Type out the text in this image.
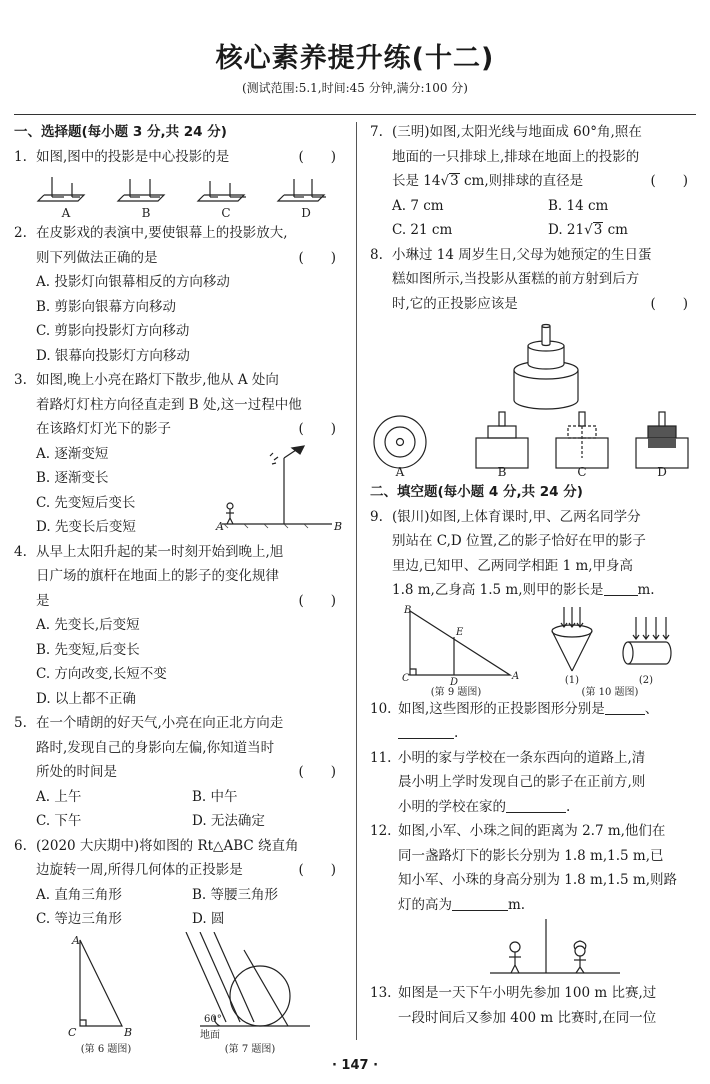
核心素养提升练(十二)
(测试范围:5.1,时间:45 分钟,满分:100 分)
一、选择题(每小题 3 分,共 24 分)
1. 如图,图中的投影是中心投影的是	(　　)
A	B	C	D
2. 在皮影戏的表演中,要使银幕上的投影放大,
则下列做法正确的是	(　　)
A. 投影灯向银幕相反的方向移动
B. 剪影向银幕方向移动
C. 剪影向投影灯方向移动
D. 银幕向投影灯方向移动
3. 如图,晚上小亮在路灯下散步,他从 A 处向
着路灯灯柱方向径直走到 B 处,这一过程中他
在该路灯灯光下的影子	(　　)
A. 逐渐变短
B. 逐渐变长
C. 先变短后变长
D. 先变长后变短	A	B
4. 从早上太阳升起的某一时刻开始到晚上,旭
日广场的旗杆在地面上的影子的变化规律
是	(　　)
A. 先变长,后变短
B. 先变短,后变长
C. 方向改变,长短不变
D. 以上都不正确
5. 在一个晴朗的好天气,小亮在向正北方向走
路时,发现自己的身影向左偏,你知道当时
所处的时间是	(　　)
A. 上午	B. 中午
C. 下午	D. 无法确定
6. (2020 大庆期中)将如图的 Rt△ABC 绕直角
边旋转一周,所得几何体的正投影是	(　　)
A. 直角三角形	B. 等腰三角形
C. 等边三角形	D. 圆
A
B
C
(第 6 题图)
60°
地面
(第 7 题图)
7. (三明)如图,太阳光线与地面成 60°角,照在
地面的一只排球上,排球在地面上的投影的
长是 14√3 cm,则排球的直径是	(　　)
A. 7 cm	B. 14 cm
C. 21 cm	D. 21√3 cm
8. 小琳过 14 周岁生日,父母为她预定的生日蛋
糕如图所示,当投影从蛋糕的前方射到后方
时,它的正投影应该是	(　　)
A	B	C	D
二、填空题(每小题 4 分,共 24 分)
9. (银川)如图,上体育课时,甲、乙两名同学分
别站在 C,D 位置,乙的影子恰好在甲的影子
里边,已知甲、乙两同学相距 1 m,甲身高
1.8 m,乙身高 1.5 m,则甲的影长是	m.
B
E
C	D
A
(第 9 题图)
(1)	(2)
(第 10 题图)
10. 如图,这些图形的正投影图形分别是	、
.
11. 小明的家与学校在一条东西向的道路上,清
晨小明上学时发现自己的影子在正前方,则
小明的学校在家的	.
12. 如图,小军、小珠之间的距离为 2.7 m,他们在
同一盏路灯下的影长分别为 1.8 m,1.5 m,已
知小军、小珠的身高分别为 1.8 m,1.5 m,则路
灯的高为	m.
13. 如图是一天下午小明先参加 100 m 比赛,过
一段时间后又参加 400 m 比赛时,在同一位
· 147 ·
